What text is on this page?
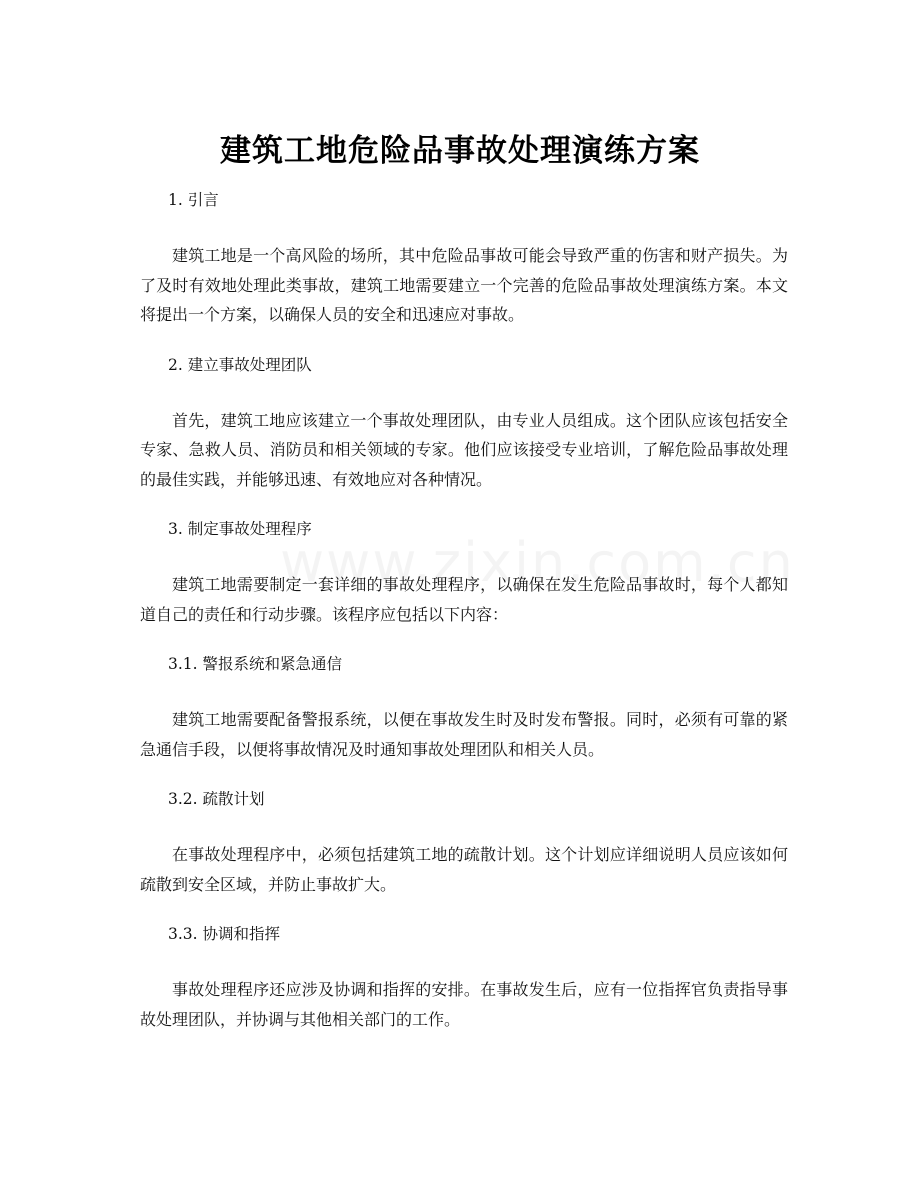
建筑工地危险品事故处理演练方案

1. 引言

建筑工地是一个高风险的场所，其中危险品事故可能会导致严重的伤害和财产损失。为了及时有效地处理此类事故，建筑工地需要建立一个完善的危险品事故处理演练方案。本文将提出一个方案，以确保人员的安全和迅速应对事故。

2. 建立事故处理团队

首先，建筑工地应该建立一个事故处理团队，由专业人员组成。这个团队应该包括安全专家、急救人员、消防员和相关领域的专家。他们应该接受专业培训，了解危险品事故处理的最佳实践，并能够迅速、有效地应对各种情况。

3. 制定事故处理程序

建筑工地需要制定一套详细的事故处理程序，以确保在发生危险品事故时，每个人都知道自己的责任和行动步骤。该程序应包括以下内容：

3.1. 警报系统和紧急通信

建筑工地需要配备警报系统，以便在事故发生时及时发布警报。同时，必须有可靠的紧急通信手段，以便将事故情况及时通知事故处理团队和相关人员。

3.2. 疏散计划

在事故处理程序中，必须包括建筑工地的疏散计划。这个计划应详细说明人员应该如何疏散到安全区域，并防止事故扩大。

3.3. 协调和指挥

事故处理程序还应涉及协调和指挥的安排。在事故发生后，应有一位指挥官负责指导事故处理团队，并协调与其他相关部门的工作。
